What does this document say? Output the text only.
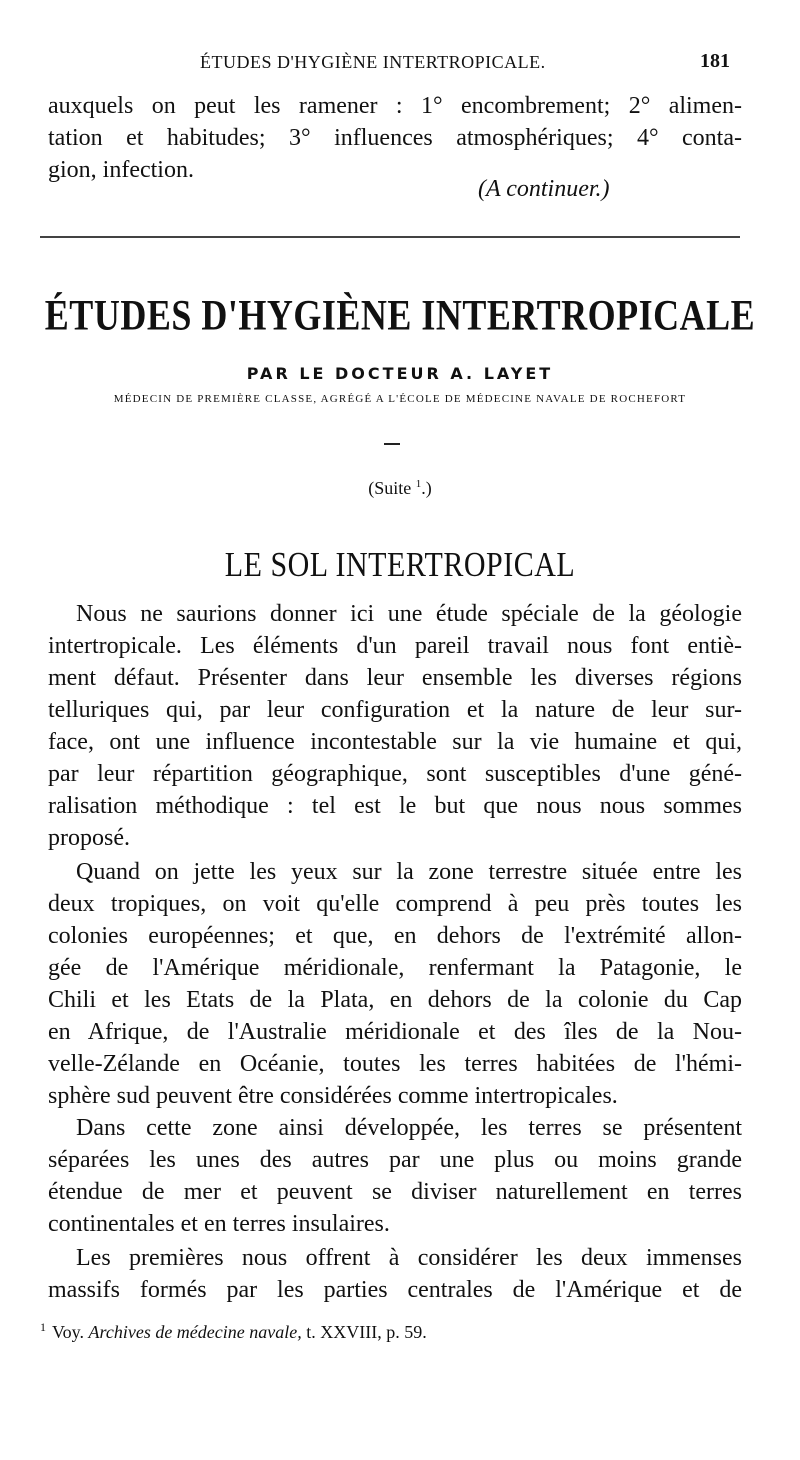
ÉTUDES D'HYGIÈNE INTERTROPICALE.	181
auxquels on peut les ramener : 1° encombrement; 2° alimen-
tation et habitudes; 3° influences atmosphériques; 4° conta-
gion, infection.
(A continuer.)
ÉTUDES D'HYGIÈNE INTERTROPICALE
PAR LE DOCTEUR A. LAYET
MÉDECIN DE PREMIÈRE CLASSE, AGRÉGÉ A L'ÉCOLE DE MÉDECINE NAVALE DE ROCHEFORT
(Suite $^1$.)
LE SOL INTERTROPICAL
Nous ne saurions donner ici une étude spéciale de la géologie
intertropicale. Les éléments d'un pareil travail nous font entiè-
ment défaut. Présenter dans leur ensemble les diverses régions
telluriques qui, par leur configuration et la nature de leur sur-
face, ont une influence incontestable sur la vie humaine et qui,
par leur répartition géographique, sont susceptibles d'une géné-
ralisation méthodique : tel est le but que nous nous sommes
proposé.
Quand on jette les yeux sur la zone terrestre située entre les
deux tropiques, on voit qu'elle comprend à peu près toutes les
colonies européennes; et que, en dehors de l'extrémité allon-
gée de l'Amérique méridionale, renfermant la Patagonie, le
Chili et les Etats de la Plata, en dehors de la colonie du Cap
en Afrique, de l'Australie méridionale et des îles de la Nou-
velle-Zélande en Océanie, toutes les terres habitées de l'hémi-
sphère sud peuvent être considérées comme intertropicales.
Dans cette zone ainsi développée, les terres se présentent
séparées les unes des autres par une plus ou moins grande
étendue de mer et peuvent se diviser naturellement en terres
continentales et en terres insulaires.
Les premières nous offrent à considérer les deux immenses
massifs formés par les parties centrales de l'Amérique et de
$^1$ Voy. Archives de médecine navale, t. XXVIII, p. 59.
